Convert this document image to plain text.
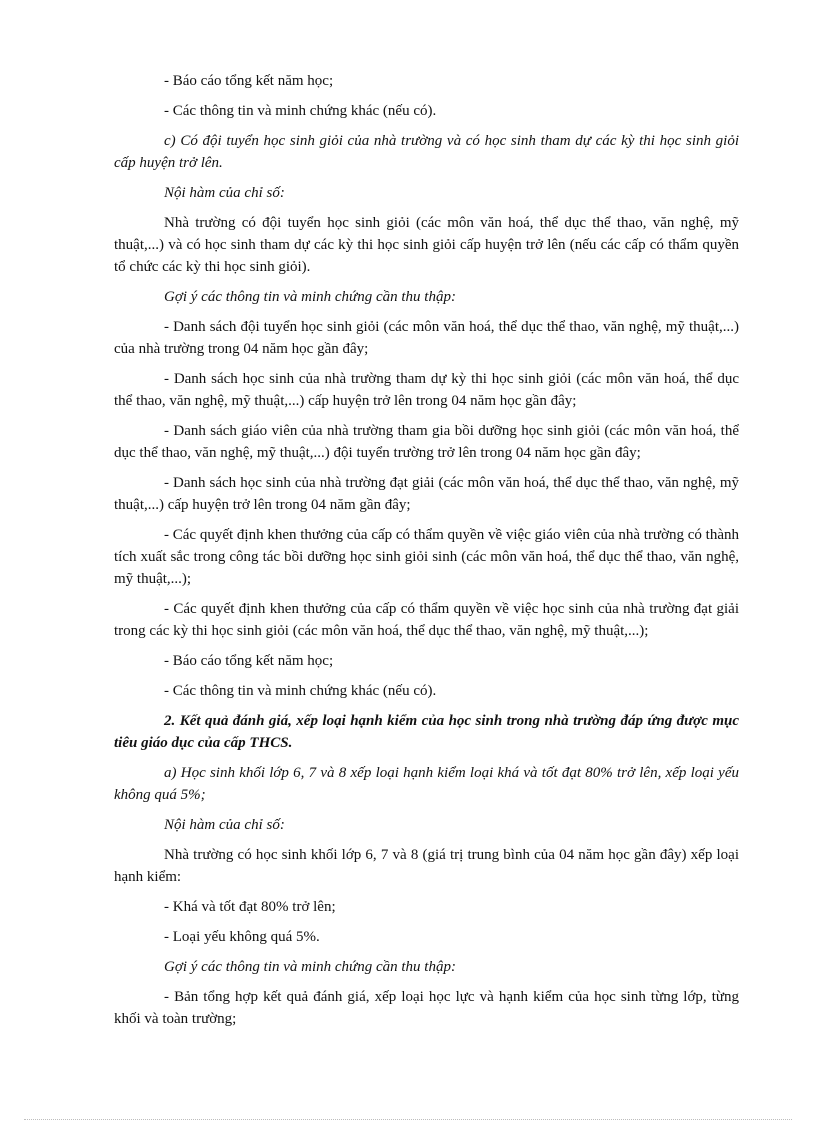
- Báo cáo tổng kết năm học;

- Các thông tin và minh chứng khác (nếu có).

c) Có đội tuyển học sinh giỏi của nhà trường và có học sinh tham dự các kỳ thi học sinh giỏi cấp huyện trở lên.

Nội hàm của chỉ số:

Nhà trường có đội tuyển học sinh giỏi (các môn văn hoá, thể dục thể thao, văn nghệ, mỹ thuật,...) và có học sinh tham dự các kỳ thi học sinh giỏi cấp huyện trở lên (nếu các cấp có thẩm quyền tổ chức các kỳ thi học sinh giỏi).

Gợi ý các thông tin và minh chứng cần thu thập:

- Danh sách đội tuyển học sinh giỏi (các môn văn hoá, thể dục thể thao, văn nghệ, mỹ thuật,...) của nhà trường trong 04 năm học gần đây;

- Danh sách học sinh của nhà trường tham dự kỳ thi học sinh giỏi (các môn văn hoá, thể dục thể thao, văn nghệ, mỹ thuật,...) cấp huyện trở lên trong 04 năm học gần đây;

- Danh sách giáo viên của nhà trường tham gia bồi dưỡng học sinh giỏi (các môn văn hoá, thể dục thể thao, văn nghệ, mỹ thuật,...) đội tuyển trường trở lên trong 04 năm học gần đây;

- Danh sách học sinh của nhà trường đạt giải (các môn văn hoá, thể dục thể thao, văn nghệ, mỹ thuật,...) cấp huyện trở lên trong 04 năm gần đây;

- Các quyết định khen thưởng của cấp có thẩm quyền về việc giáo viên của nhà trường có thành tích xuất sắc trong công tác bồi dưỡng học sinh giỏi sinh (các môn văn hoá, thể dục thể thao, văn nghệ, mỹ thuật,...);

- Các quyết định khen thưởng của cấp có thẩm quyền về việc học sinh của nhà trường đạt giải trong các kỳ thi học sinh giỏi (các môn văn hoá, thể dục thể thao, văn nghệ, mỹ thuật,...);

- Báo cáo tổng kết năm học;

- Các thông tin và minh chứng khác (nếu có).

2. Kết quả đánh giá, xếp loại hạnh kiểm của học sinh trong nhà trường đáp ứng được mục tiêu giáo dục của cấp THCS.

a) Học sinh khối lớp 6, 7 và 8 xếp loại hạnh kiểm loại khá và tốt đạt 80% trở lên, xếp loại yếu không quá 5%;

Nội hàm của chỉ số:

Nhà trường có học sinh khối lớp 6, 7 và 8 (giá trị trung bình của 04 năm học gần đây) xếp loại hạnh kiểm:

- Khá và tốt đạt 80% trở lên;

- Loại yếu không quá 5%.

Gợi ý các thông tin và minh chứng cần thu thập:

- Bản tổng hợp kết quả đánh giá, xếp loại học lực và hạnh kiểm của học sinh từng lớp, từng khối và toàn trường;
